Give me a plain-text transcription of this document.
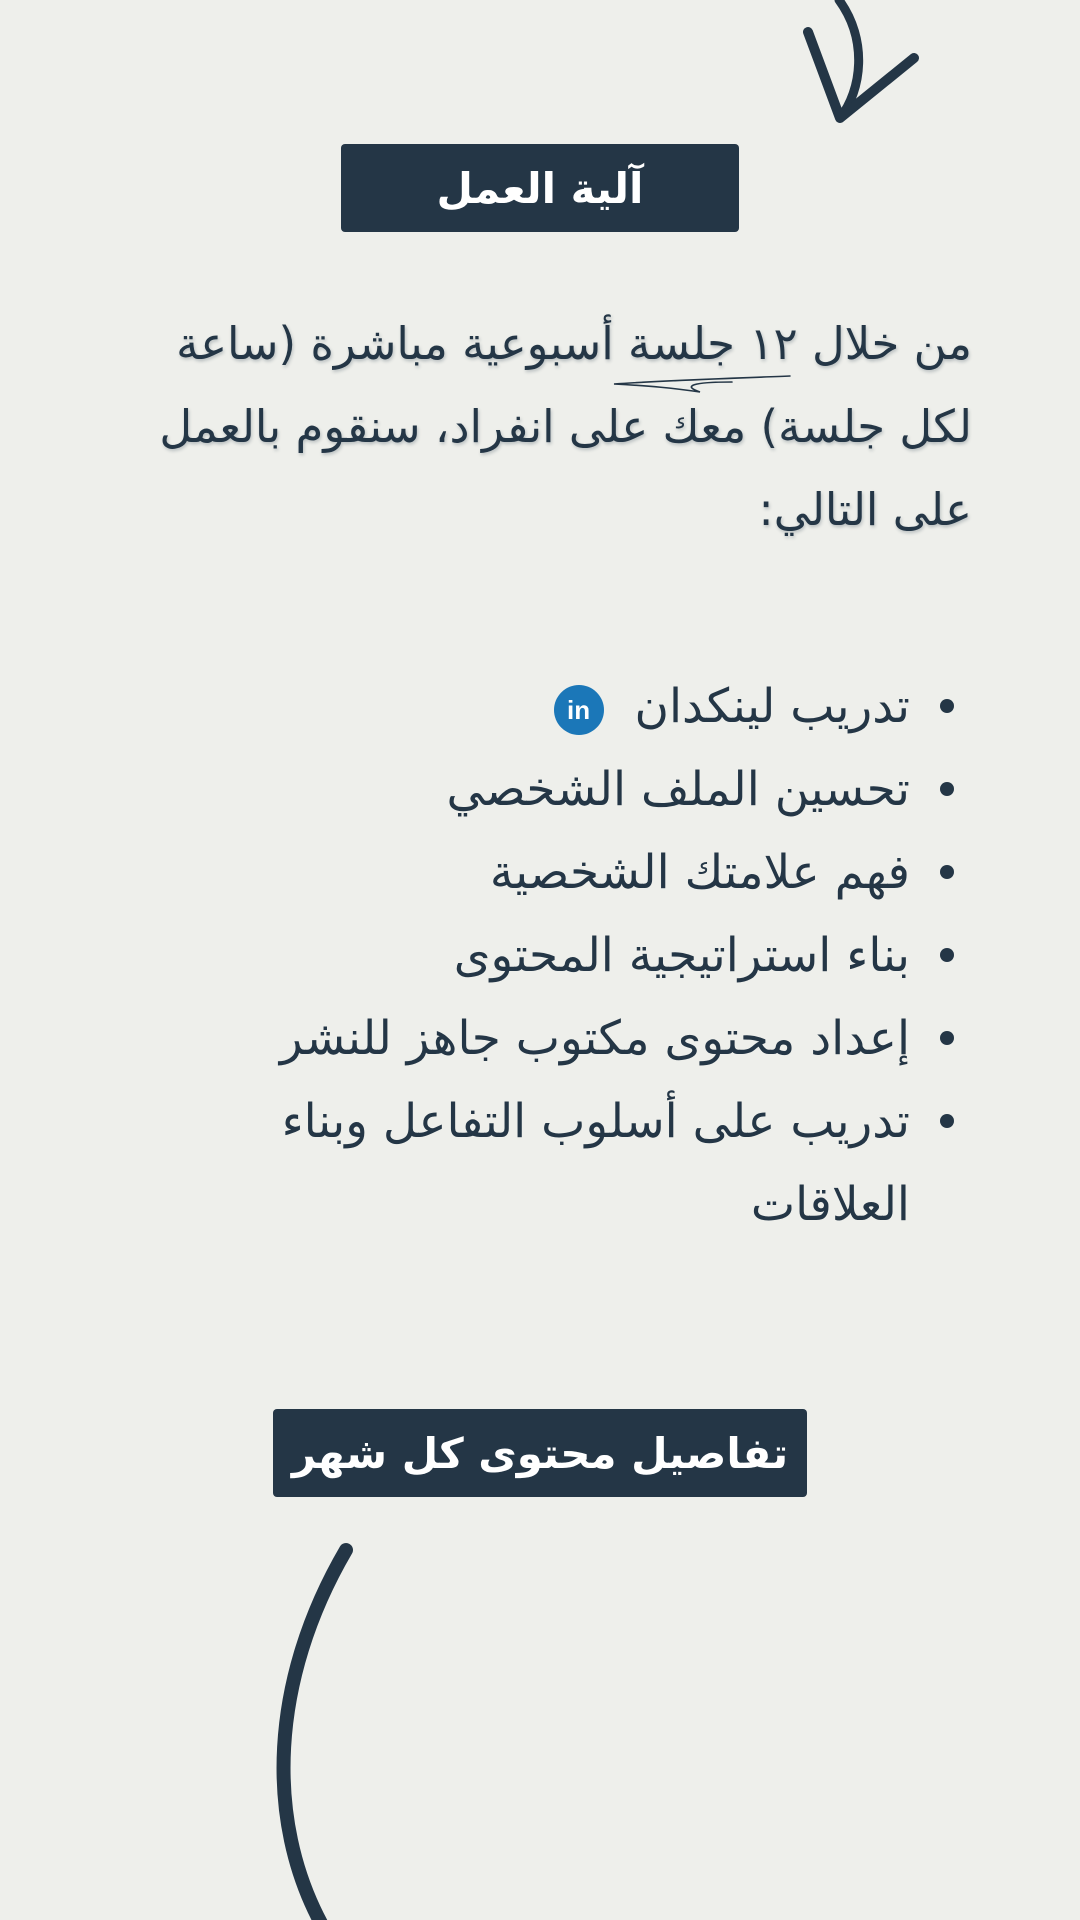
آلية العمل
من خلال ١٢ جلسة أسبوعية مباشرة (ساعة لكل جلسة) معك على انفراد، سنقوم بالعمل على التالي:
تدريب لينكدان in
تحسين الملف الشخصي
فهم علامتك الشخصية
بناء استراتيجية المحتوى
إعداد محتوى مكتوب جاهز للنشر
تدريب على أسلوب التفاعل وبناء العلاقات
تفاصيل محتوى كل شهر
